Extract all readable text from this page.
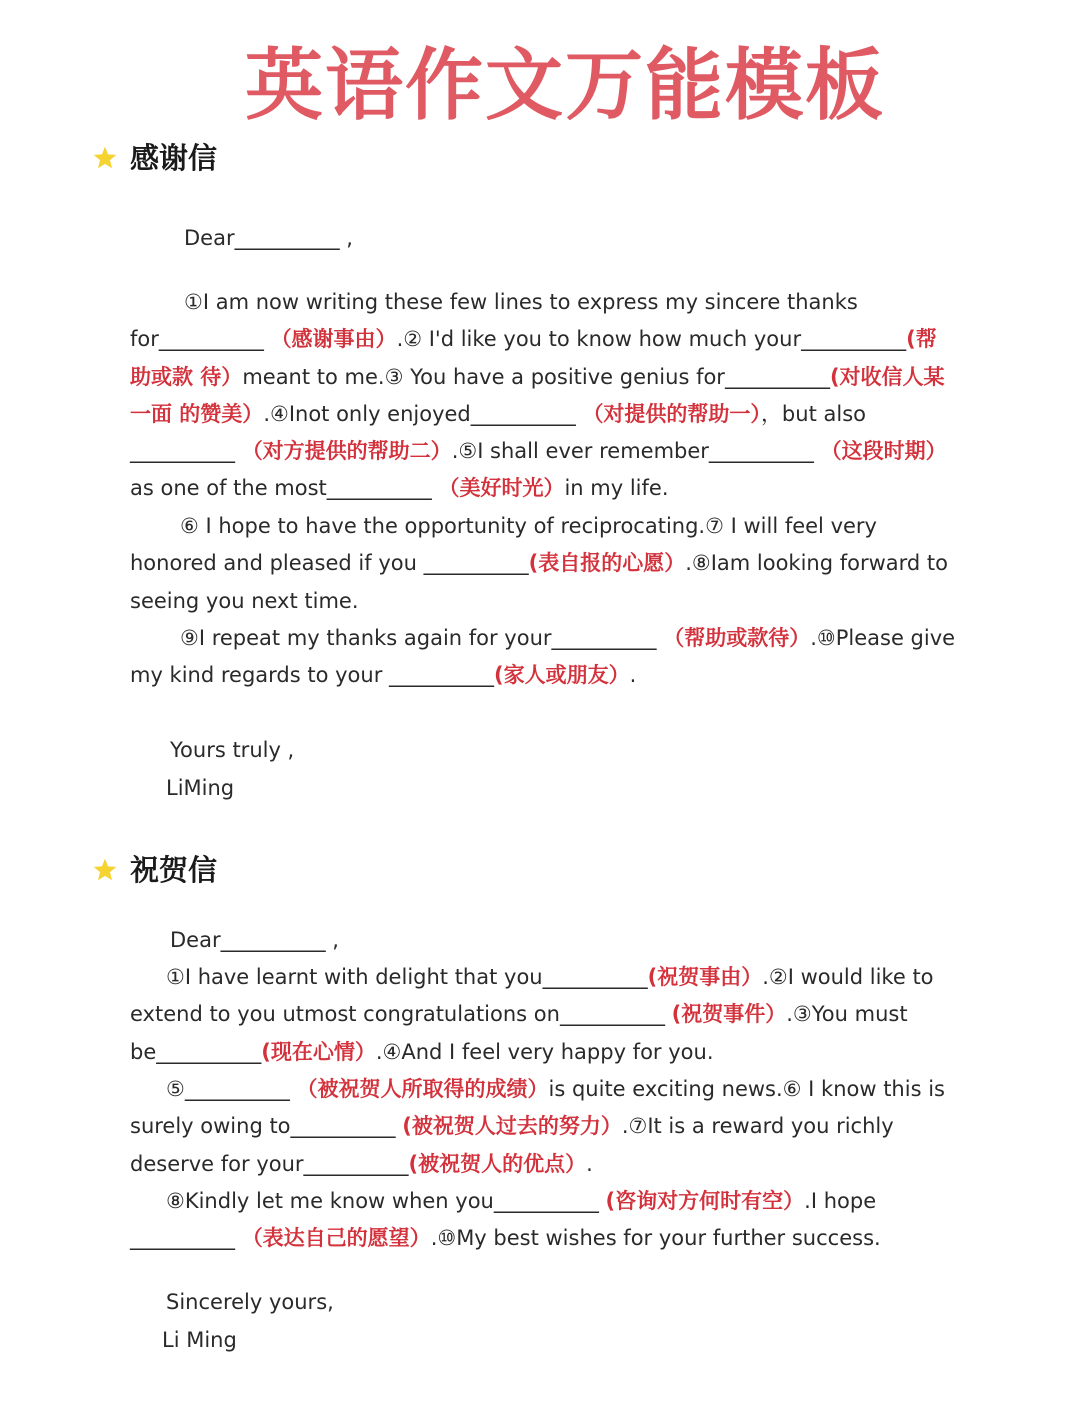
英语作文万能模板
感谢信

Dear__________ ,

①I am now writing these few lines to express my sincere thanks

for__________ （感谢事由）.② I'd like you to know how much your__________(帮

助或款 待）meant to me.③ You have a positive genius for__________(对收信人某

一面 的赞美）.④Inot only enjoyed__________ （对提供的帮助一），but also

__________ （对方提供的帮助二）.⑤I shall ever remember__________ （这段时期）

as one of the most__________ （美好时光）in my life.

⑥ I hope to have the opportunity of reciprocating.⑦ I will feel very

honored and pleased if you __________(表自报的心愿）.⑧Iam looking forward to

seeing you next time.

⑨I repeat my thanks again for your__________ （帮助或款待）.⑩Please give

my kind regards to your __________(家人或朋友）.

Yours truly ,

LiMing

祝贺信

Dear__________ ,

①I have learnt with delight that you__________(祝贺事由）.②I would like to

extend to you utmost congratulations on__________ (祝贺事件）.③You must

be__________(现在心情）.④And I feel very happy for you.

⑤__________ （被祝贺人所取得的成绩）is quite exciting news.⑥ I know this is

surely owing to__________ (被祝贺人过去的努力）.⑦It is a reward you richly

deserve for your__________(被祝贺人的优点）.

⑧Kindly let me know when you__________ (咨询对方何时有空）.I hope

__________ （表达自己的愿望）.⑩My best wishes for your further success.

Sincerely yours,

Li Ming
